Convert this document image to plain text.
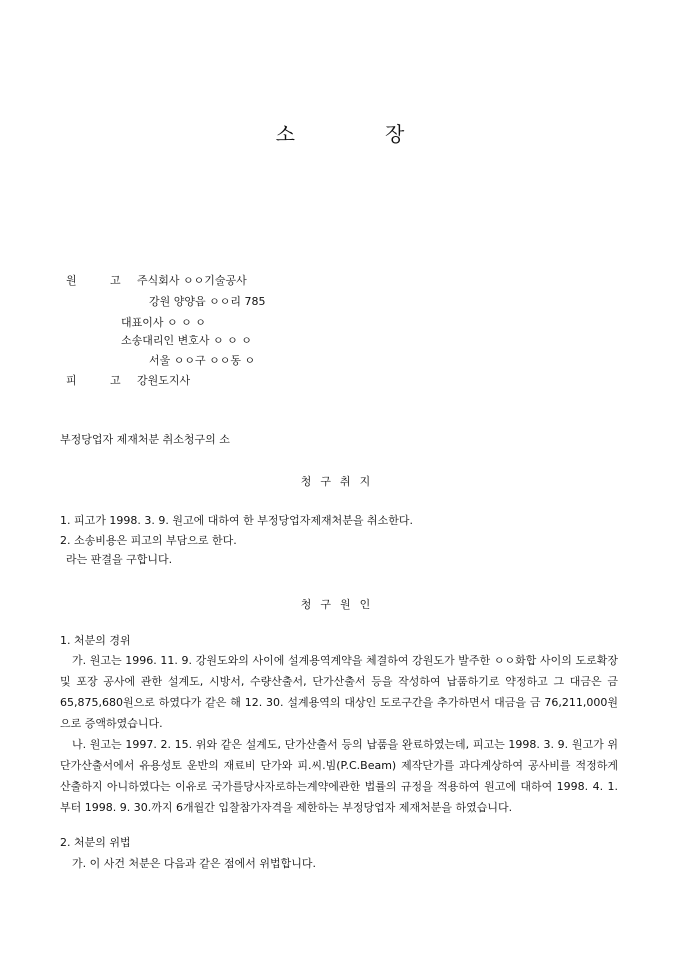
소	장
원	고 주식회사 ㅇㅇ기술공사
강원 양양읍 ㅇㅇ리 785
대표이사 ㅇ ㅇ ㅇ
소송대리인 변호사 ㅇ ㅇ ㅇ
서울 ㅇㅇ구 ㅇㅇ동 ㅇ
피	고 강원도지사
부정당업자 제재처분 취소청구의 소
청구취지
1. 피고가 1998. 3. 9. 원고에 대하여 한 부정당업자제재처분을 취소한다.
2. 소송비용은 피고의 부담으로 한다.
라는 판결을 구합니다.
청구원인
1. 처분의 경위
가. 원고는 1996. 11. 9. 강원도와의 사이에 설계용역계약을 체결하여 강원도가 발주한 ㅇㅇ화합 사이의 도로확장 및 포장 공사에 관한 설계도, 시방서, 수량산출서, 단가산출서 등을 작성하여 납품하기로 약정하고 그 대금은 금 65,875,680원으로 하였다가 같은 해 12. 30. 설계용역의 대상인 도로구간을 추가하면서 대금을 금 76,211,000원으로 증액하였습니다.
나. 원고는 1997. 2. 15. 위와 같은 설계도, 단가산출서 등의 납품을 완료하였는데, 피고는 1998. 3. 9. 원고가 위 단가산출서에서 유용성토 운반의 재료비 단가와 피.씨.빔(P.C.Beam) 제작단가를 과다계상하여 공사비를 적정하게 산출하지 아니하였다는 이유로 국가를당사자로하는계약에관한 법률의 규정을 적용하여 원고에 대하여 1998. 4. 1.부터 1998. 9. 30.까지 6개월간 입찰참가자격을 제한하는 부정당업자 제재처분을 하였습니다.
2. 처분의 위법
가. 이 사건 처분은 다음과 같은 점에서 위법합니다.
